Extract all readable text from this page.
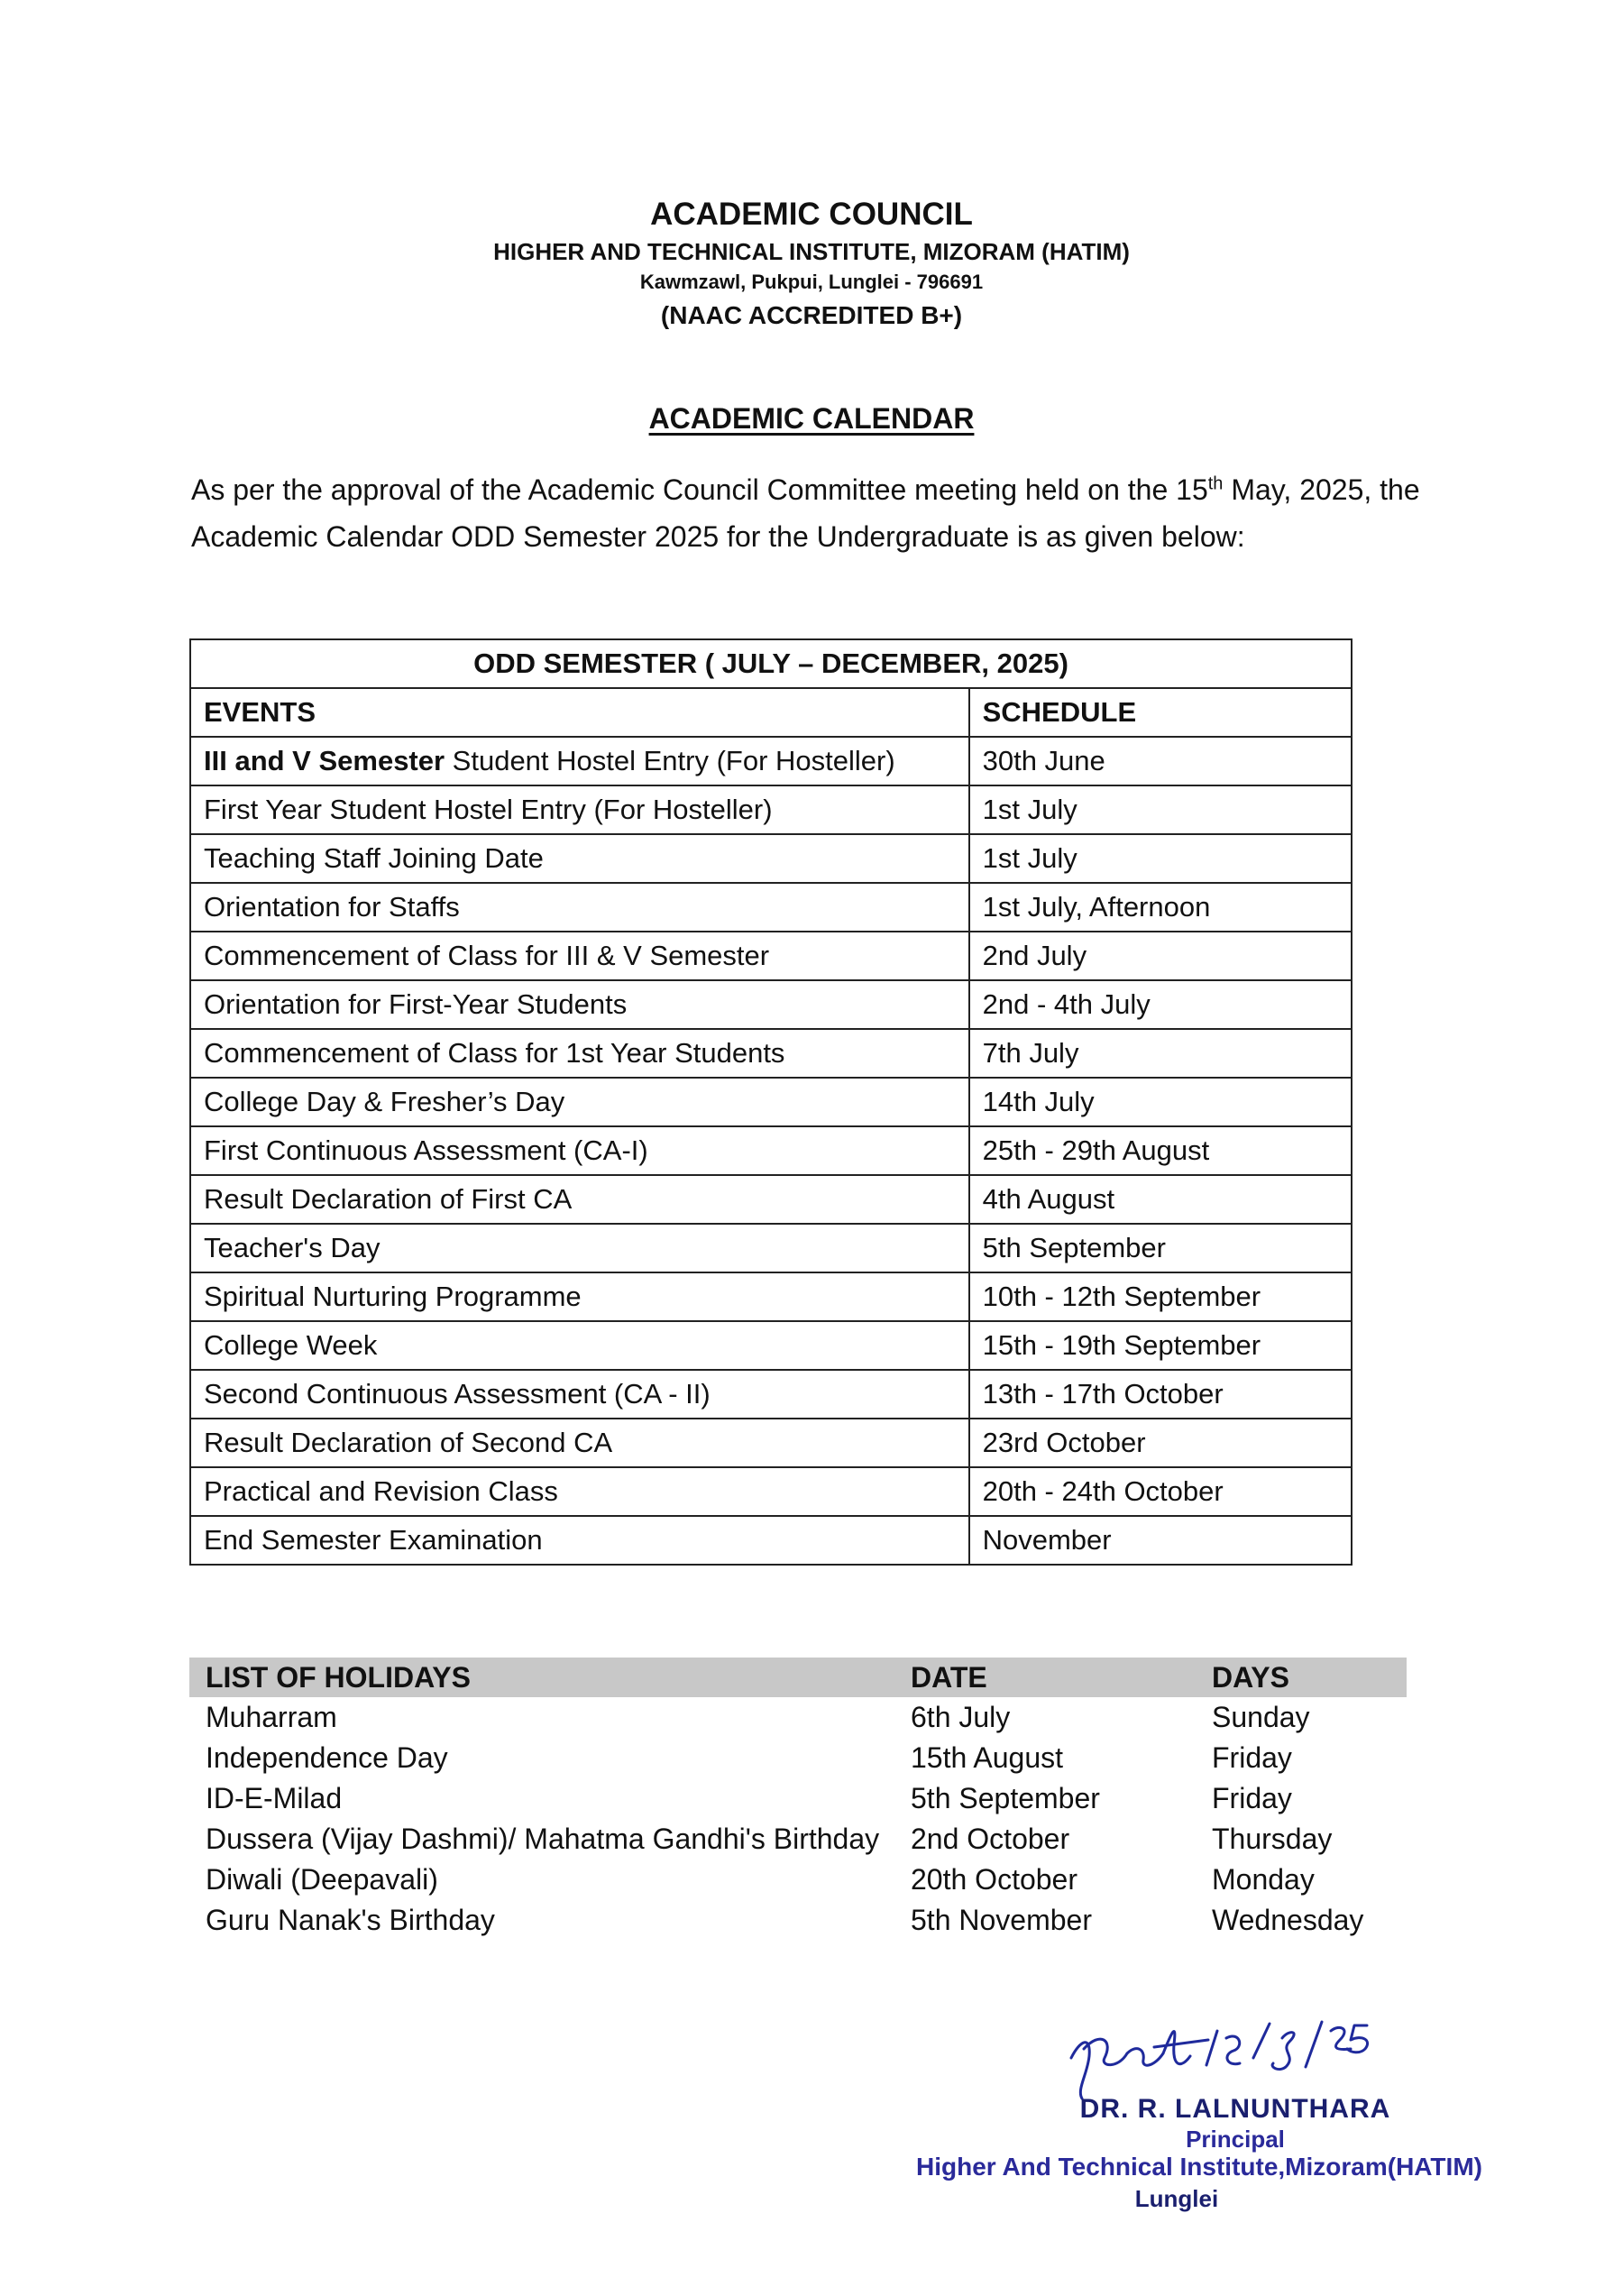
ACADEMIC COUNCIL
HIGHER AND TECHNICAL INSTITUTE, MIZORAM (HATIM)
Kawmzawl, Pukpui, Lunglei - 796691
(NAAC ACCREDITED B+)
ACADEMIC CALENDAR
As per the approval of the Academic Council Committee meeting held on the 15th May, 2025, the Academic Calendar ODD Semester 2025 for the Undergraduate is as given below:
ODD SEMESTER ( JULY – DECEMBER, 2025)	
EVENTS	SCHEDULE
III and V Semester Student Hostel Entry (For Hosteller)	30th June
First Year Student Hostel Entry (For Hosteller)	1st July
Teaching Staff Joining Date	1st July
Orientation for Staffs	1st July, Afternoon
Commencement of Class for III & V Semester	2nd July
Orientation for First-Year Students	2nd - 4th July
Commencement of Class for 1st Year Students	7th July
College Day & Fresher’s Day	14th July
First Continuous Assessment (CA-I)	25th - 29th August
Result Declaration of First CA	4th August
Teacher's Day	5th September
Spiritual Nurturing Programme	10th - 12th September
College Week	15th - 19th September
Second Continuous Assessment (CA - II)	13th - 17th October
Result Declaration of Second CA	23rd October
Practical and Revision Class	20th - 24th October
End Semester Examination	November
LIST OF HOLIDAYS	DATE	DAYS
Muharram	6th July	Sunday
Independence Day	15th August	Friday
ID-E-Milad	5th September	Friday
Dussera (Vijay Dashmi)/ Mahatma Gandhi's Birthday	2nd October	Thursday
Diwali (Deepavali)	20th October	Monday
Guru Nanak's Birthday	5th November	Wednesday
DR. R. LALNUNTHARA
Principal
Higher And Technical Institute,Mizoram(HATIM)
Lunglei
